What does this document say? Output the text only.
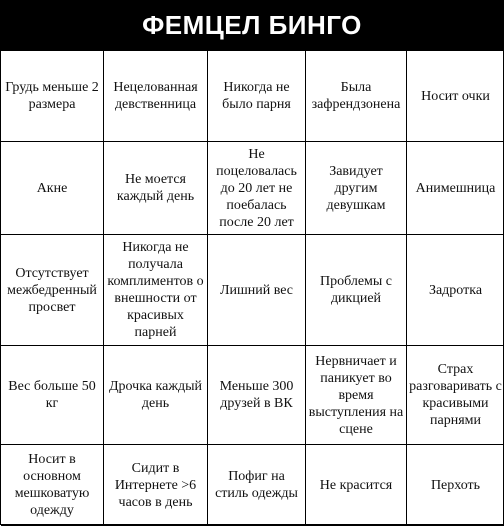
ФЕМЦЕЛ БИНГО
Грудь меньше 2 размера
Нецелованная девственница
Никогда не было парня
Была зафрендзонена
Носит очки
Акне
Не моется каждый день
Не поцеловалась до 20 лет не поебалась после 20 лет
Завидует другим девушкам
Анимешница
Отсутствует межбедренный просвет
Никогда не получала комплиментов о внешности от красивых парней
Лишний вес
Проблемы с дикцией
Задротка
Вес больше 50 кг
Дрочка каждый день
Меньше 300 друзей в ВК
Нервничает и паникует во время выступления на сцене
Страх разговаривать с красивыми парнями
Носит в основном мешковатую одежду
Сидит в Интернете >6 часов в день
Пофиг на стиль одежды
Не красится	Перхоть
